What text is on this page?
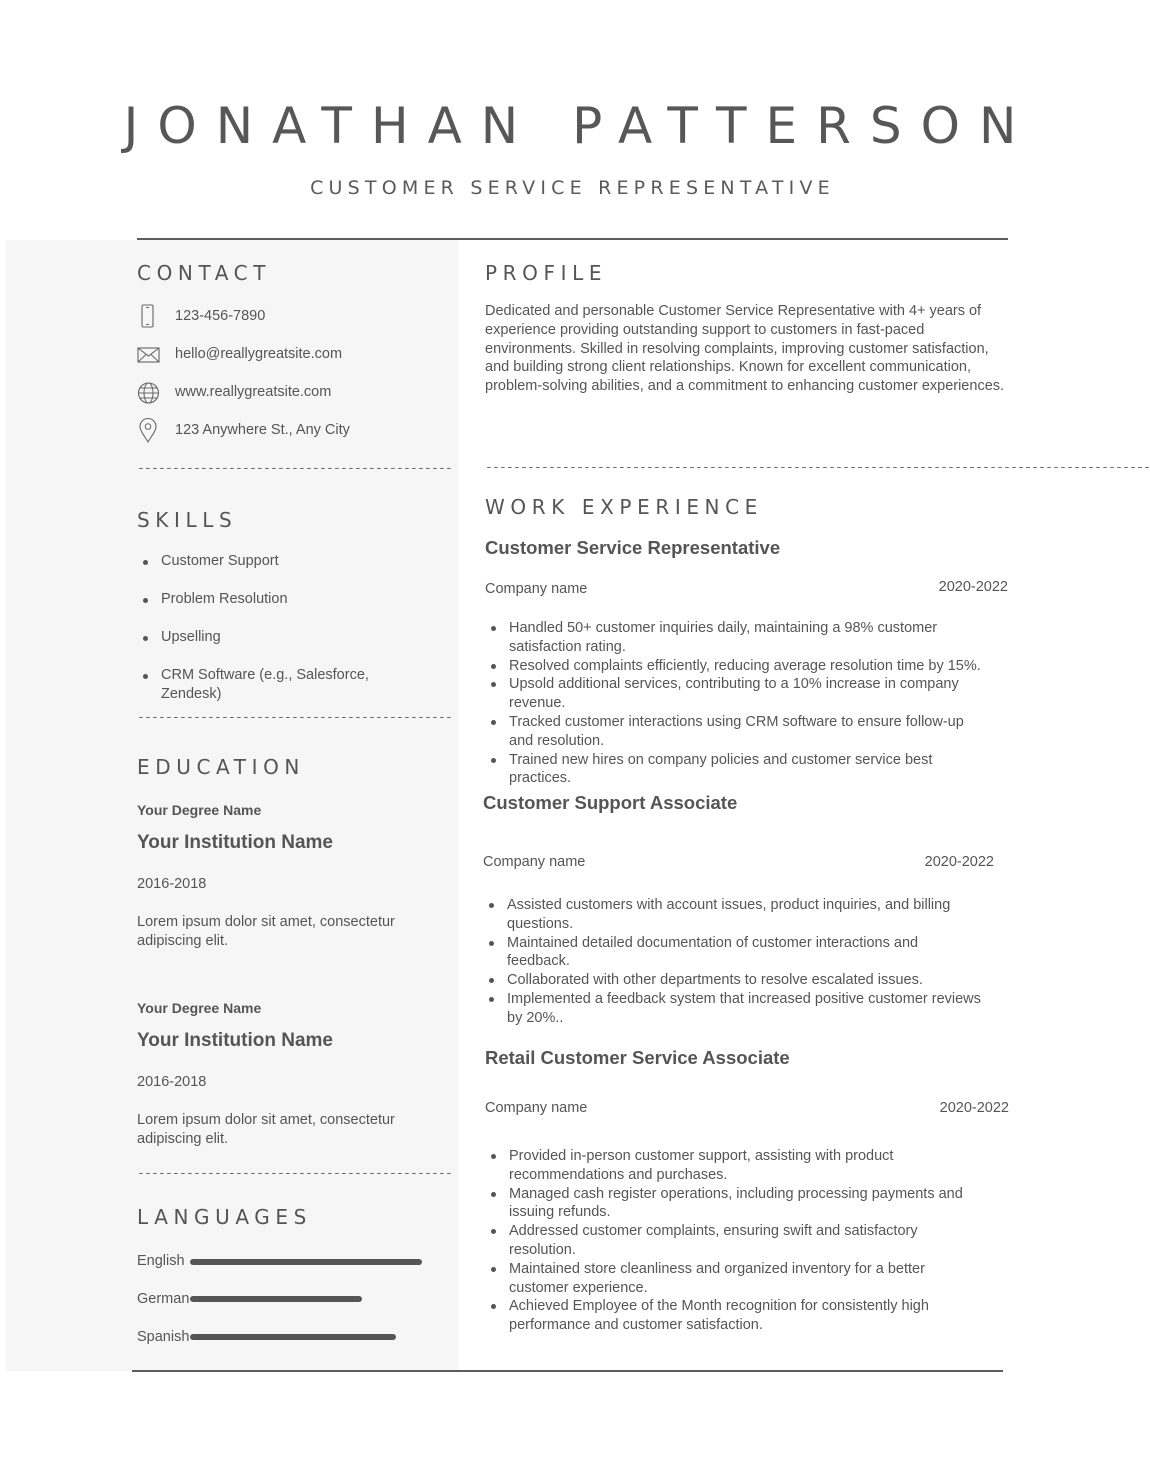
JONATHAN PATTERSON
CUSTOMER SERVICE REPRESENTATIVE
CONTACT
123-456-7890
hello@reallygreatsite.com
www.reallygreatsite.com
123 Anywhere St., Any City
---------------------------------------------
SKILLS
Customer Support
Problem Resolution
Upselling
CRM Software (e.g., Salesforce, Zendesk)
---------------------------------------------
EDUCATION
Your Degree Name
Your Institution Name
2016-2018
Lorem ipsum dolor sit amet, consectetur adipiscing elit.
Your Degree Name
Your Institution Name
2016-2018
Lorem ipsum dolor sit amet, consectetur adipiscing elit.
---------------------------------------------
LANGUAGES
English
German
Spanish
PROFILE
Dedicated and personable Customer Service Representative with 4+ years of experience providing outstanding support to customers in fast-paced environments. Skilled in resolving complaints, improving customer satisfaction, and building strong client relationships. Known for excellent communication, problem-solving abilities, and a commitment to enhancing customer experiences.
-----------------------------------------------------------------------------------------------
WORK EXPERIENCE
Customer Service Representative
Company name	2020-2022
Handled 50+ customer inquiries daily, maintaining a 98% customer satisfaction rating.
Resolved complaints efficiently, reducing average resolution time by 15%.
Upsold additional services, contributing to a 10% increase in company revenue.
Tracked customer interactions using CRM software to ensure follow-up and resolution.
Trained new hires on company policies and customer service best practices.
Customer Support Associate
Company name	2020-2022
Assisted customers with account issues, product inquiries, and billing questions.
Maintained detailed documentation of customer interactions and feedback.
Collaborated with other departments to resolve escalated issues.
Implemented a feedback system that increased positive customer reviews by 20%..
Retail Customer Service Associate
Company name	2020-2022
Provided in-person customer support, assisting with product recommendations and purchases.
Managed cash register operations, including processing payments and issuing refunds.
Addressed customer complaints, ensuring swift and satisfactory resolution.
Maintained store cleanliness and organized inventory for a better customer experience.
Achieved Employee of the Month recognition for consistently high performance and customer satisfaction.
